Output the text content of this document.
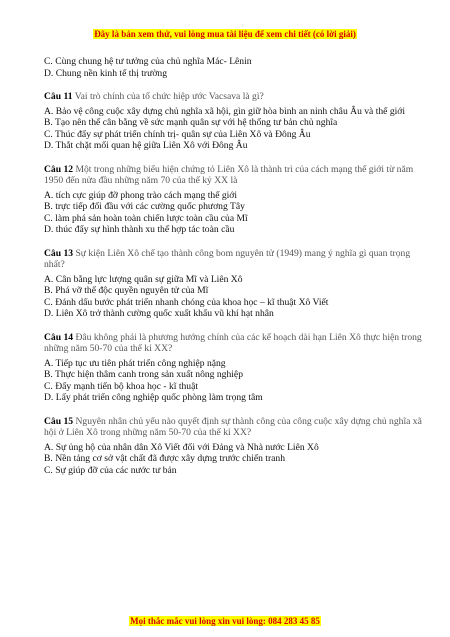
Đây là bản xem thử, vui lòng mua tài liệu để xem chi tiết (có lời giải)
C. Cùng chung hệ tư tưởng của chủ nghĩa Mác- Lênin
D. Chung nền kinh tế thị trường
Câu 11 Vai trò chính của tổ chức hiệp ước Vacsava là gì?
A. Bảo vệ công cuộc xây dựng chủ nghĩa xã hội, gìn giữ hòa bình an ninh châu Âu và thế giới
B. Tạo nên thế cân bằng về sức mạnh quân sự với hệ thống tư bản chủ nghĩa
C. Thúc đẩy sự phát triển chính trị- quân sự của Liên Xô và Đông Âu
D. Thắt chặt mối quan hệ giữa Liên Xô với Đông Âu
Câu 12 Một trong những biểu hiện chứng tỏ Liên Xô là thành trì của cách mạng thế giới từ năm 1950 đến nửa đầu những năm 70 của thế kỷ XX là
A. tích cực giúp đỡ phong trào cách mạng thế giới
B. trực tiếp đối đầu với các cường quốc phương Tây
C. làm phá sản hoàn toàn chiến lược toàn cầu của Mĩ
D. thúc đẩy sự hình thành xu thế hợp tác toàn cầu
Câu 13 Sự kiện Liên Xô chế tạo thành công bom nguyên tử (1949) mang ý nghĩa gì quan trọng nhất?
A. Cân bằng lực lượng quân sự giữa Mĩ và Liên Xô
B. Phá vỡ thế độc quyền nguyên tử của Mĩ
C. Đánh dấu bước phát triển nhanh chóng của khoa học – kĩ thuật Xô Viết
D. Liên Xô trở thành cường quốc xuất khẩu vũ khí hạt nhân
Câu 14 Đâu không phải là phương hướng chính của các kế hoạch dài hạn Liên Xô thực hiện trong những năm 50-70 của thế kỉ XX?
A. Tiếp tục ưu tiên phát triển công nghiệp nặng
B. Thực hiện thâm canh trong sản xuất nông nghiệp
C. Đẩy mạnh tiến bộ khoa học - kĩ thuật
D. Lấy phát triển công nghiệp quốc phòng làm trọng tâm
Câu 15 Nguyên nhân chủ yếu nào quyết định sự thành công của công cuộc xây dựng chủ nghĩa xã hội ở Liên Xô trong những năm 50-70 của thế kỉ XX?
A. Sự ủng hộ của nhân dân Xô Viết đối với Đảng và Nhà nước Liên Xô
B. Nền tảng cơ sở vật chất đã được xây dựng trước chiến tranh
C. Sự giúp đỡ của các nước tư bản
Mọi thắc mắc vui lòng xin vui lòng: 084 283 45 85
